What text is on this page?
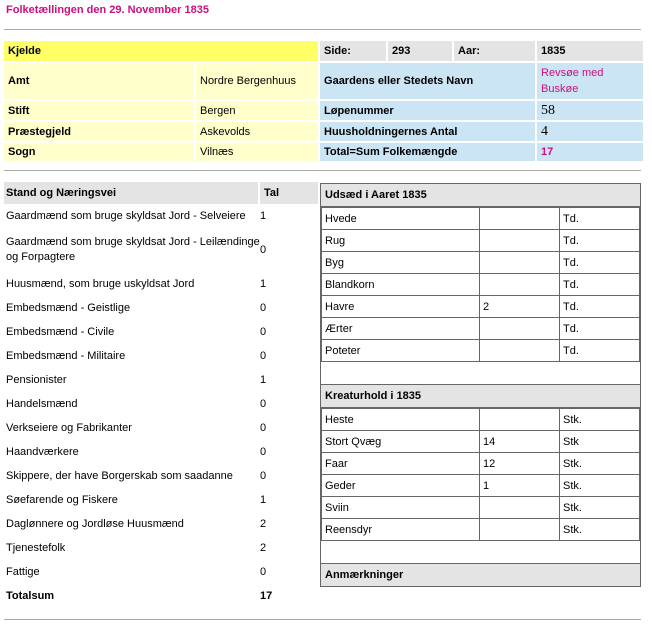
Folketællingen den 29. November 1835
Kjelde		Side:	293	Aar:	1835
Amt	Nordre Bergenhuus	Gaardens eller Stedets Navn			Revsøe med Buskøe
Stift	Bergen	Løpenummer			58
Præstegjeld	Askevolds	Huusholdningernes Antal			4
Sogn	Vilnæs	Total=Sum Folkemængde			17
Stand og Næringsvei	Tal
Gaardmænd som bruge skyldsat Jord - Selveiere	1
Gaardmænd som bruge skyldsat Jord - Leilændinge og Forpagtere
0
Huusmænd, som bruge uskyldsat Jord	1
Embedsmænd - Geistlige	0
Embedsmænd - Civile	0
Embedsmænd - Militaire	0
Pensionister	1
Handelsmænd	0
Verkseiere og Fabrikanter	0
Haandværkere	0
Skippere, der have Borgerskab som saadanne	0
Søefarende og Fiskere	1
Daglønnere og Jordløse Huusmænd	2
Tjenestefolk	2
Fattige	0
Totalsum	17
Udsæd i Aaret 1835
Hvede		Td.
Rug		Td.
Byg		Td.
Blandkorn		Td.
Havre	2	Td.
Ærter		Td.
Poteter		Td.
Kreaturhold i 1835
Heste		Stk.
Stort Qvæg	14	Stk
Faar	12	Stk.
Geder	1	Stk.
Sviin		Stk.
Reensdyr		Stk.
Anmærkninger
